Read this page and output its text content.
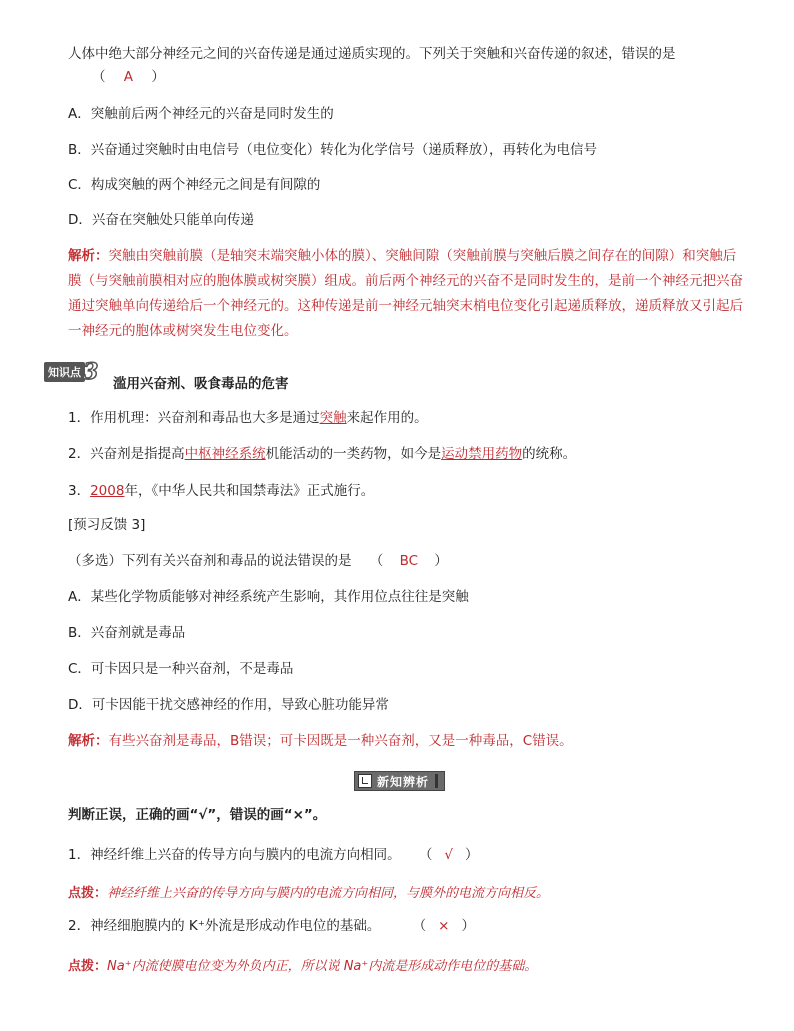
人体中绝大部分神经元之间的兴奋传递是通过递质实现的。下列关于突触和兴奋传递的叙述，错误的是
（ A ）
A．突触前后两个神经元的兴奋是同时发生的
B．兴奋通过突触时由电信号（电位变化）转化为化学信号（递质释放），再转化为电信号
C．构成突触的两个神经元之间是有间隙的
D．兴奋在突触处只能单向传递
解析：突触由突触前膜（是轴突末端突触小体的膜）、突触间隙（突触前膜与突触后膜之间存在的间隙）和突触后膜（与突触前膜相对应的胞体膜或树突膜）组成。前后两个神经元的兴奋不是同时发生的，是前一个神经元把兴奋通过突触单向传递给后一个神经元的。这种传递是前一神经元轴突末梢电位变化引起递质释放，递质释放又引起后一神经元的胞体或树突发生电位变化。
知识点 3 滥用兴奋剂、吸食毒品的危害
1．作用机理：兴奋剂和毒品也大多是通过突触来起作用的。
2．兴奋剂是指提高中枢神经系统机能活动的一类药物，如今是运动禁用药物的统称。
3．2008年，《中华人民共和国禁毒法》正式施行。
[预习反馈 3]
（多选）下列有关兴奋剂和毒品的说法错误的是 （ BC ）
A．某些化学物质能够对神经系统产生影响，其作用位点往往是突触
B．兴奋剂就是毒品
C．可卡因只是一种兴奋剂，不是毒品
D．可卡因能干扰交感神经的作用，导致心脏功能异常
解析：有些兴奋剂是毒品，B错误；可卡因既是一种兴奋剂，又是一种毒品，C错误。
新知辨析
判断正误，正确的画“√”，错误的画“×”。
1．神经纤维上兴奋的传导方向与膜内的电流方向相同。 （ √ ）
点拨：神经纤维上兴奋的传导方向与膜内的电流方向相同，与膜外的电流方向相反。
2．神经细胞膜内的 K⁺外流是形成动作电位的基础。 （ × ）
点拨：Na⁺内流使膜电位变为外负内正，所以说 Na⁺内流是形成动作电位的基础。
